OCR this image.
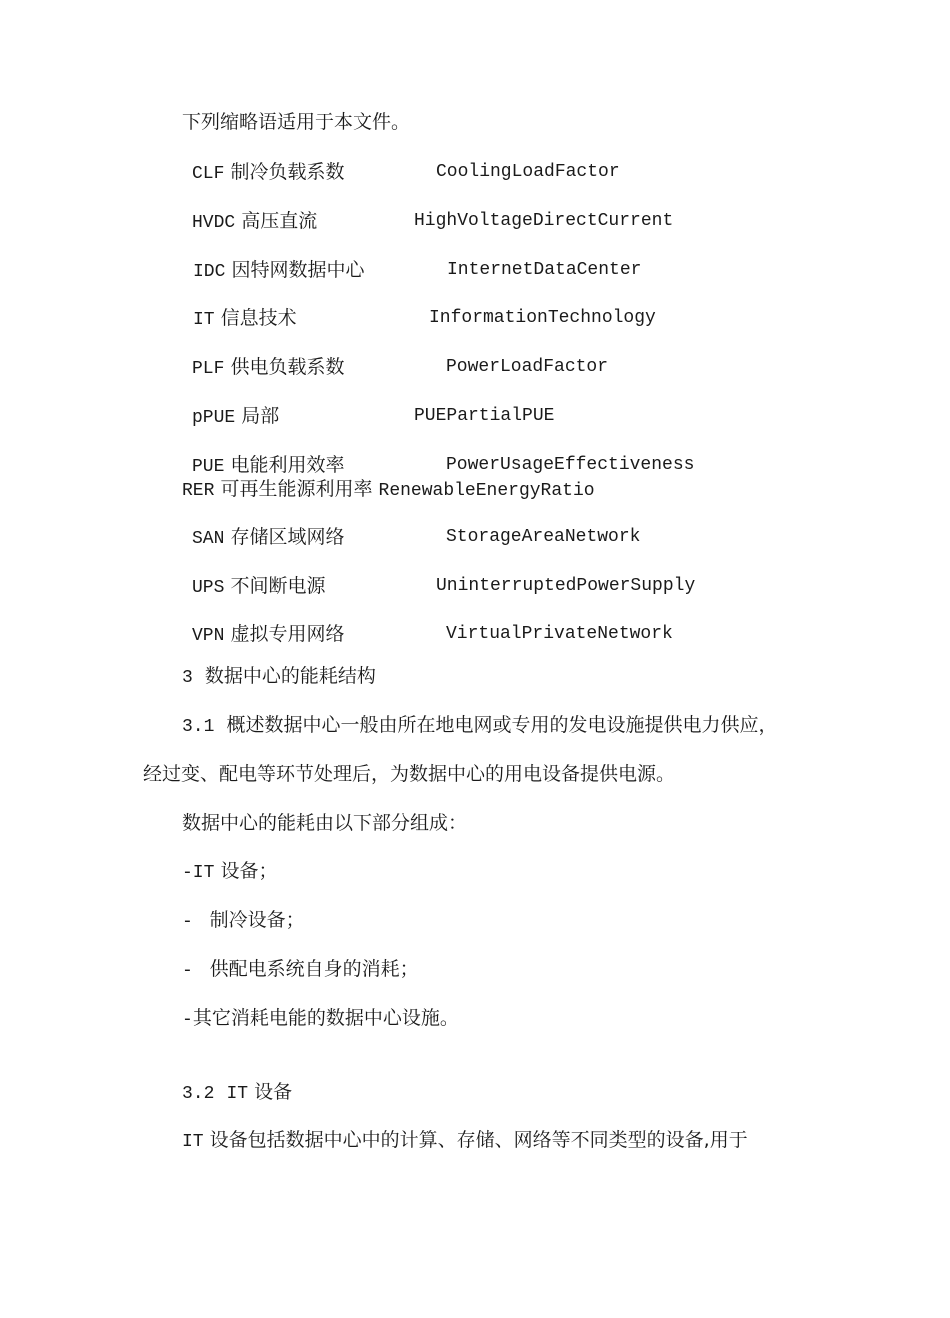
下列缩略语适用于本文件。
CLF 制冷负载系数	CoolingLoadFactor
HVDC 高压直流	HighVoltageDirectCurrent
IDC 因特网数据中心	InternetDataCenter
IT 信息技术	InformationTechnology
PLF 供电负载系数	PowerLoadFactor
pPUE 局部	PUEPartialPUE
PUE 电能利用效率	PowerUsageEffectiveness
RER 可再生能源利用率 RenewableEnergyRatio
SAN 存储区域网络	StorageAreaNetwork
UPS 不间断电源	UninterruptedPowerSupply
VPN 虚拟专用网络	VirtualPrivateNetwork
3 数据中心的能耗结构
3.1 概述数据中心一般由所在地电网或专用的发电设施提供电力供应，
经过变、配电等环节处理后，为数据中心的用电设备提供电源。
数据中心的能耗由以下部分组成：
-IT 设备；
-  制冷设备；
-  供配电系统自身的消耗；
-其它消耗电能的数据中心设施。
3.2 IT 设备
IT 设备包括数据中心中的计算、存储、网络等不同类型的设备,用于
